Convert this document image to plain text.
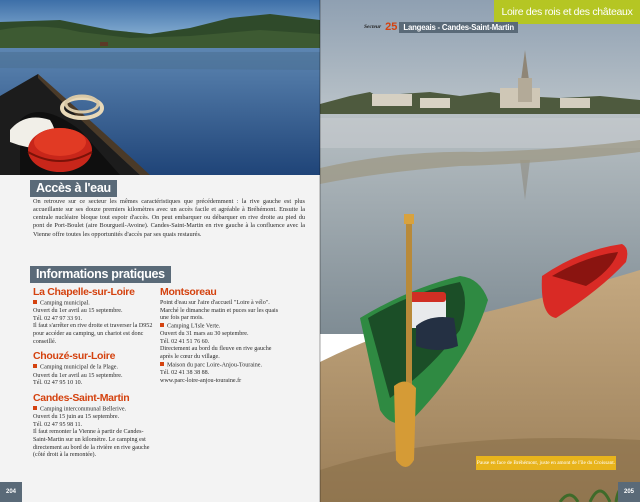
Accès à l'eau

On retrouve sur ce secteur les mêmes caractéristiques que précédemment : la rive gauche est plus accueillante sur ses douze premiers kilomètres avec un accès facile et agréable à Bréhémont. Ensuite la centrale nucléaire bloque tout espoir d'accès. On peut embarquer ou débarquer en rive droite au pied du pont de Port-Boulet (aire Bourgueil-Avoine). Candes-Saint-Martin en rive gauche à la confluence avec la Vienne offre toutes les opportunités d'accès par ses quais restaurés.

Informations pratiques
La Chapelle-sur-Loire

Camping municipal.

Ouvert du 1er avril au 15 septembre.

Tél. 02 47 97 33 91.

Il faut s'arrêter en rive droite et traverser la D952 pour accéder au camping, un chariot est donc conseillé.

Chouzé-sur-Loire

Camping municipal de la Plage.

Ouvert du 1er avril au 15 septembre.

Tél. 02 47 95 10 10.

Candes-Saint-Martin

Camping intercommunal Bellerive.

Ouvert du 15 juin au 15 septembre.

Tél. 02 47 95 98 11.

Il faut remonter la Vienne à partir de Candes-Saint-Martin sur un kilomètre. Le camping est directement au bord de la rivière en rive gauche (côté droit à la remontée).

Montsoreau

Point d'eau sur l'aire d'accueil "Loire à vélo".

Marché le dimanche matin et puces sur les quais une fois par mois.

Camping L'Isle Verte.

Ouvert du 31 mars au 30 septembre.

Tél. 02 41 51 76 60.

Directement au bord du fleuve en rive gauche après le cœur du village.

Maison du parc Loire-Anjou-Touraine.

Tél. 02 41 38 38 88.

www.parc-loire-anjou-touraine.fr

204
Loire des rois et des châteaux
Secteur 25 Langeais - Candes-Saint-Martin
Pause en face de Bréhémont, juste en amont de l'île du Croissant.
205
